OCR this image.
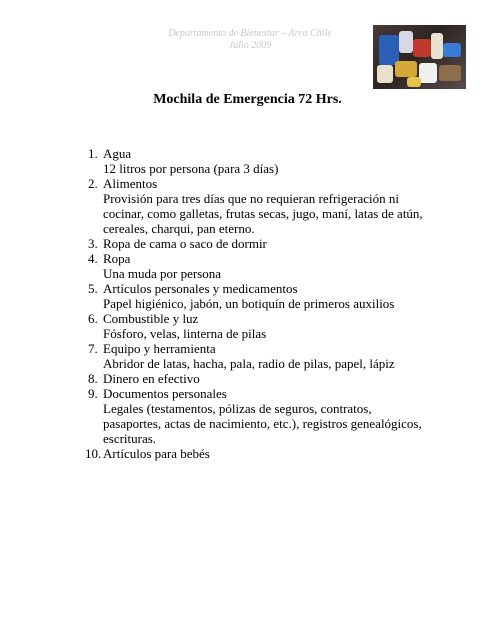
Departamento de Bienestar – Area Chile
Julio 2009
Mochila de Emergencia 72 Hrs.
1. Agua
12 litros por persona (para 3 días)
2. Alimentos
Provisión para tres días que no requieran refrigeración ni
cocinar, como galletas, frutas secas, jugo, maní, latas de atún,
cereales, charqui, pan eterno.
3. Ropa de cama o saco de dormir
4. Ropa
Una muda por persona
5. Artículos personales y medicamentos
Papel higiénico, jabón, un botiquín de primeros auxilios
6. Combustible y luz
Fósforo, velas, linterna de pilas
7. Equipo y herramienta
Abridor de latas, hacha, pala, radio de pilas, papel, lápiz
8. Dinero en efectivo
9. Documentos personales
Legales (testamentos, pólizas de seguros, contratos,
pasaportes, actas de nacimiento, etc.), registros genealógicos,
escrituras.
10. Artículos para bebés
